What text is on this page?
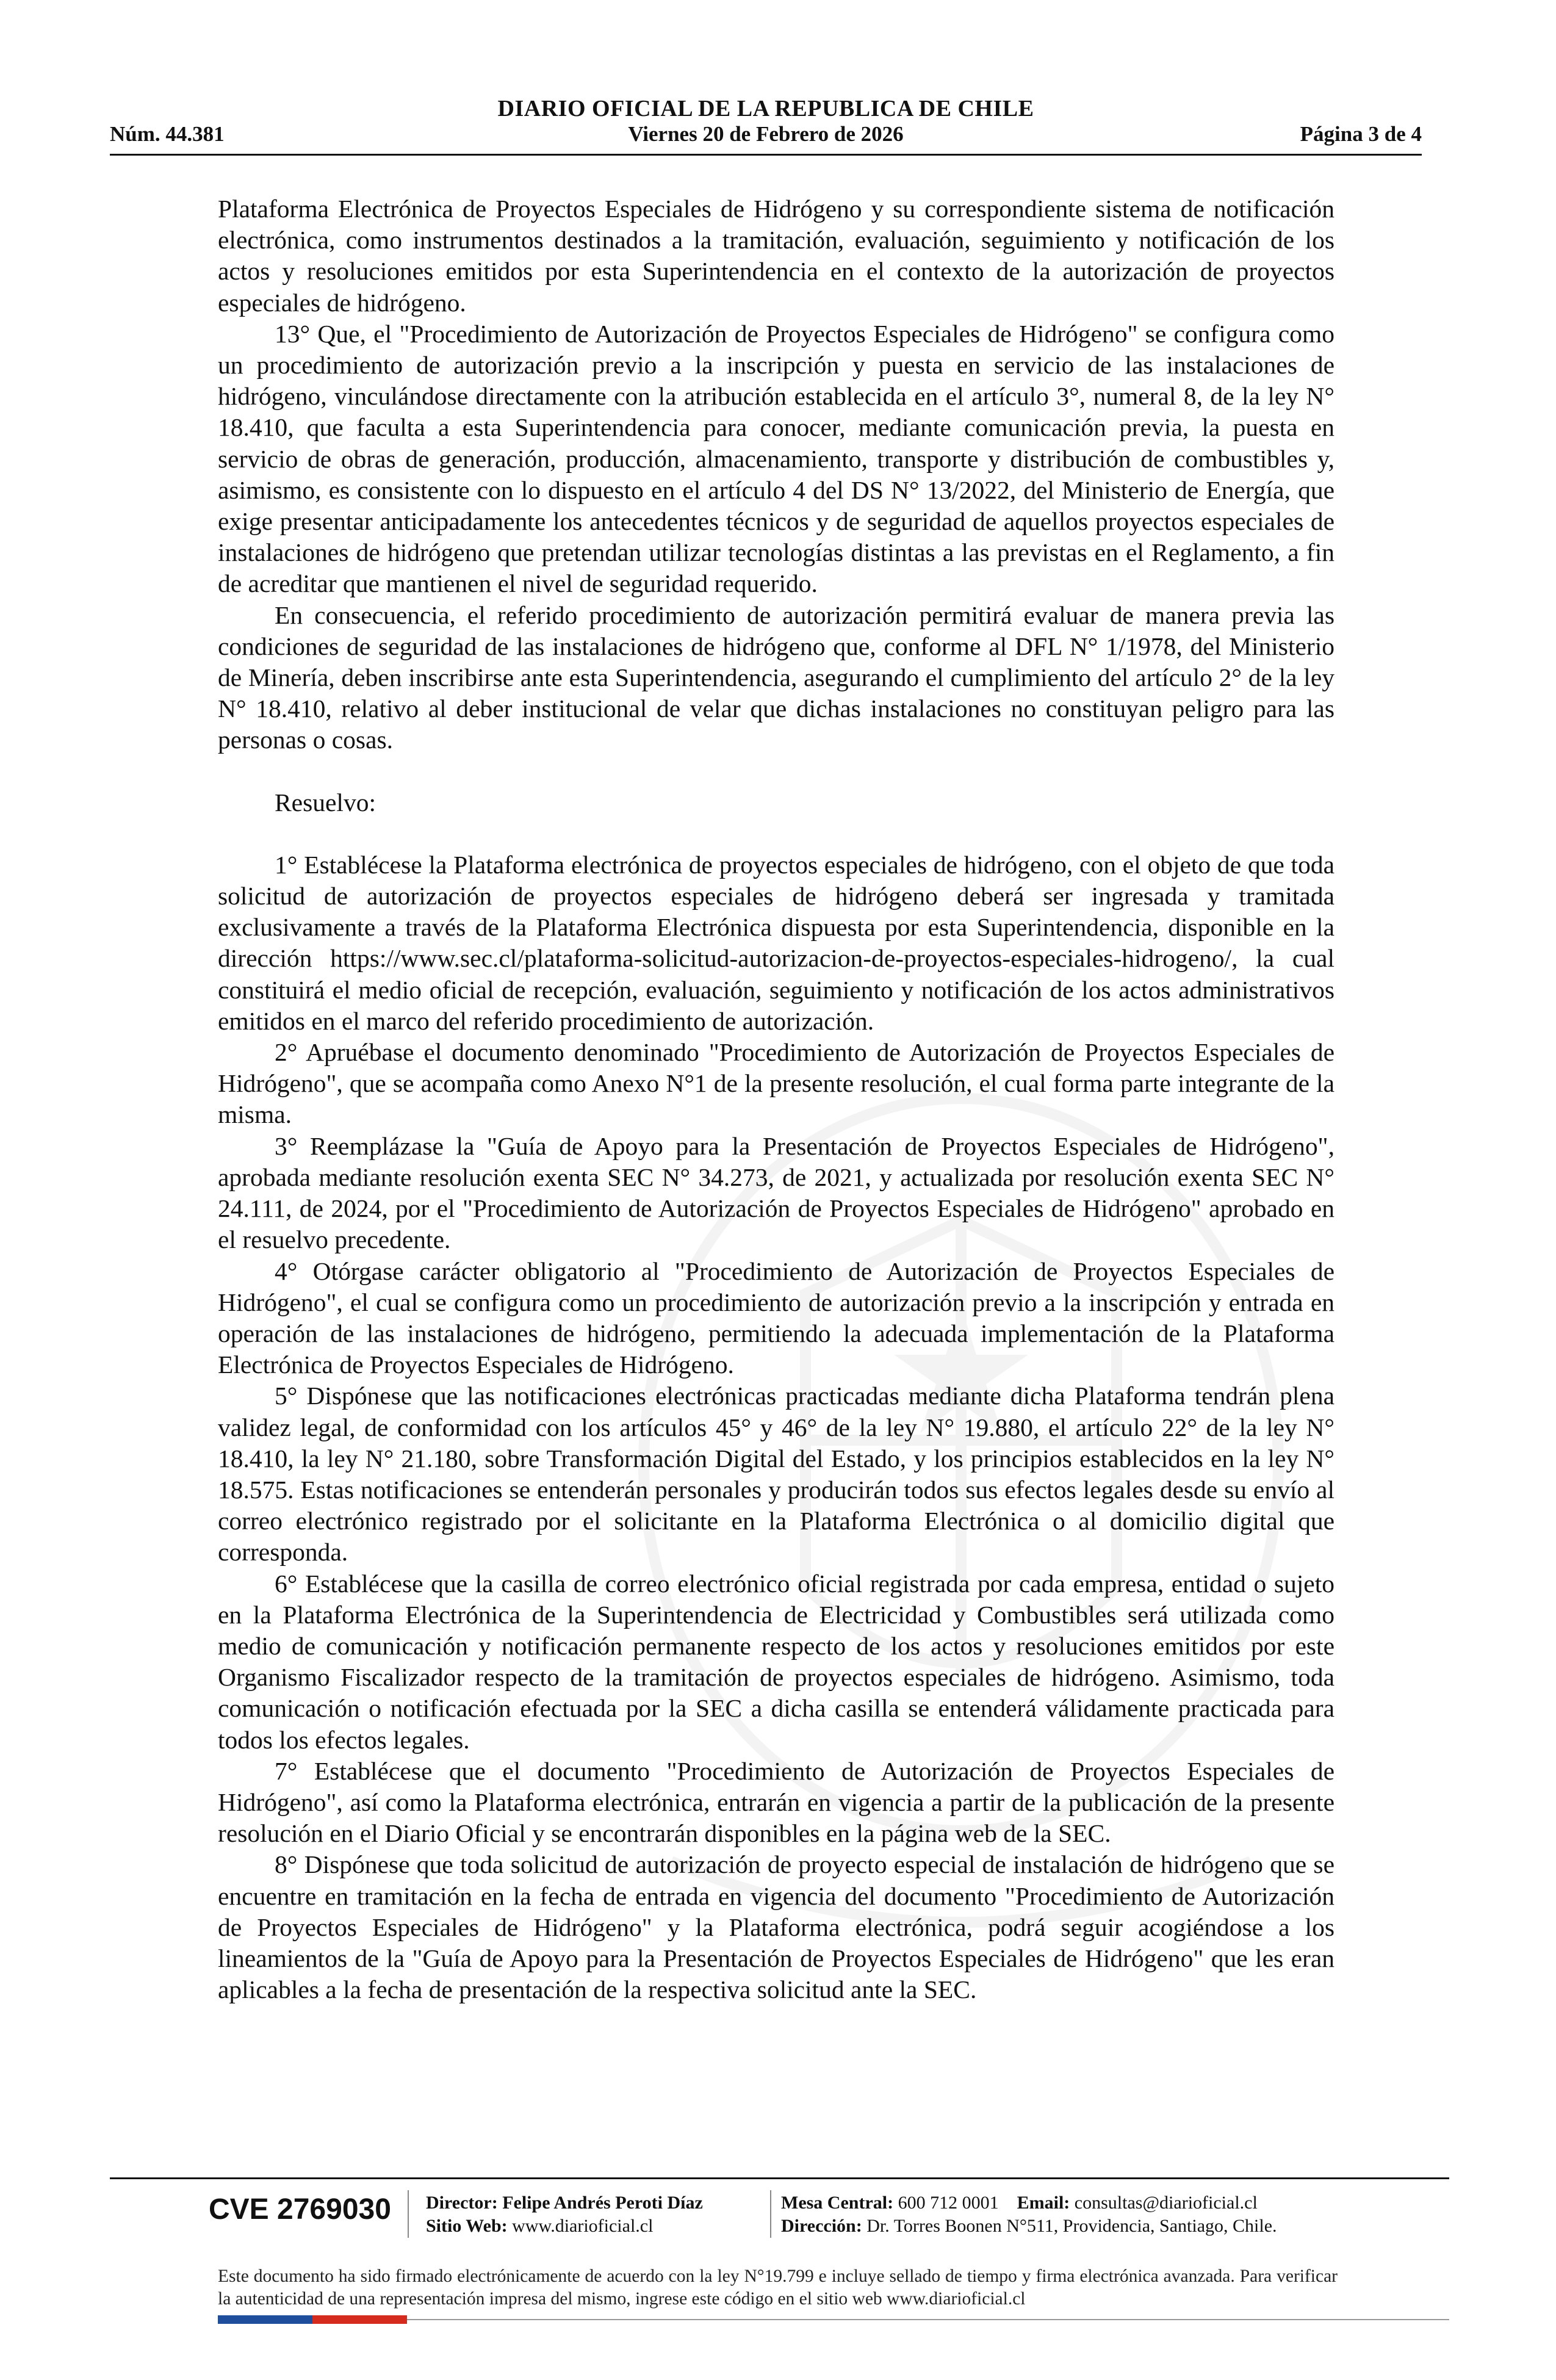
DIARIO OFICIAL DE LA REPUBLICA DE CHILE
Núm. 44.381	Viernes 20 de Febrero de 2026	Página 3 de 4

Plataforma Electrónica de Proyectos Especiales de Hidrógeno y su correspondiente sistema de notificación electrónica, como instrumentos destinados a la tramitación, evaluación, seguimiento y notificación de los actos y resoluciones emitidos por esta Superintendencia en el contexto de la autorización de proyectos especiales de hidrógeno.

13° Que, el "Procedimiento de Autorización de Proyectos Especiales de Hidrógeno" se configura como un procedimiento de autorización previo a la inscripción y puesta en servicio de las instalaciones de hidrógeno, vinculándose directamente con la atribución establecida en el artículo 3°, numeral 8, de la ley N° 18.410, que faculta a esta Superintendencia para conocer, mediante comunicación previa, la puesta en servicio de obras de generación, producción, almacenamiento, transporte y distribución de combustibles y, asimismo, es consistente con lo dispuesto en el artículo 4 del DS N° 13/2022, del Ministerio de Energía, que exige presentar anticipadamente los antecedentes técnicos y de seguridad de aquellos proyectos especiales de instalaciones de hidrógeno que pretendan utilizar tecnologías distintas a las previstas en el Reglamento, a fin de acreditar que mantienen el nivel de seguridad requerido.

En consecuencia, el referido procedimiento de autorización permitirá evaluar de manera previa las condiciones de seguridad de las instalaciones de hidrógeno que, conforme al DFL N° 1/1978, del Ministerio de Minería, deben inscribirse ante esta Superintendencia, asegurando el cumplimiento del artículo 2° de la ley N° 18.410, relativo al deber institucional de velar que dichas instalaciones no constituyan peligro para las personas o cosas.

Resuelvo:

1° Establécese la Plataforma electrónica de proyectos especiales de hidrógeno, con el objeto de que toda solicitud de autorización de proyectos especiales de hidrógeno deberá ser ingresada y tramitada exclusivamente a través de la Plataforma Electrónica dispuesta por esta Superintendencia, disponible en la dirección https://www.sec.cl/plataforma-solicitud-autorizacion-de-proyectos-especiales-hidrogeno/, la cual constituirá el medio oficial de recepción, evaluación, seguimiento y notificación de los actos administrativos emitidos en el marco del referido procedimiento de autorización.

2° Apruébase el documento denominado "Procedimiento de Autorización de Proyectos Especiales de Hidrógeno", que se acompaña como Anexo N°1 de la presente resolución, el cual forma parte integrante de la misma.

3° Reemplázase la "Guía de Apoyo para la Presentación de Proyectos Especiales de Hidrógeno", aprobada mediante resolución exenta SEC N° 34.273, de 2021, y actualizada por resolución exenta SEC N° 24.111, de 2024, por el "Procedimiento de Autorización de Proyectos Especiales de Hidrógeno" aprobado en el resuelvo precedente.

4° Otórgase carácter obligatorio al "Procedimiento de Autorización de Proyectos Especiales de Hidrógeno", el cual se configura como un procedimiento de autorización previo a la inscripción y entrada en operación de las instalaciones de hidrógeno, permitiendo la adecuada implementación de la Plataforma Electrónica de Proyectos Especiales de Hidrógeno.

5° Dispónese que las notificaciones electrónicas practicadas mediante dicha Plataforma tendrán plena validez legal, de conformidad con los artículos 45° y 46° de la ley N° 19.880, el artículo 22° de la ley N° 18.410, la ley N° 21.180, sobre Transformación Digital del Estado, y los principios establecidos en la ley N° 18.575. Estas notificaciones se entenderán personales y producirán todos sus efectos legales desde su envío al correo electrónico registrado por el solicitante en la Plataforma Electrónica o al domicilio digital que corresponda.

6° Establécese que la casilla de correo electrónico oficial registrada por cada empresa, entidad o sujeto en la Plataforma Electrónica de la Superintendencia de Electricidad y Combustibles será utilizada como medio de comunicación y notificación permanente respecto de los actos y resoluciones emitidos por este Organismo Fiscalizador respecto de la tramitación de proyectos especiales de hidrógeno. Asimismo, toda comunicación o notificación efectuada por la SEC a dicha casilla se entenderá válidamente practicada para todos los efectos legales.

7° Establécese que el documento "Procedimiento de Autorización de Proyectos Especiales de Hidrógeno", así como la Plataforma electrónica, entrarán en vigencia a partir de la publicación de la presente resolución en el Diario Oficial y se encontrarán disponibles en la página web de la SEC.

8° Dispónese que toda solicitud de autorización de proyecto especial de instalación de hidrógeno que se encuentre en tramitación en la fecha de entrada en vigencia del documento "Procedimiento de Autorización de Proyectos Especiales de Hidrógeno" y la Plataforma electrónica, podrá seguir acogiéndose a los lineamientos de la "Guía de Apoyo para la Presentación de Proyectos Especiales de Hidrógeno" que les eran aplicables a la fecha de presentación de la respectiva solicitud ante la SEC.

CVE 2769030 Director: Felipe Andrés Peroti Díaz
Sitio Web: www.diarioficial.cl
Mesa Central: 600 712 0001 Email: consultas@diarioficial.cl
Dirección: Dr. Torres Boonen N°511, Providencia, Santiago, Chile.
Este documento ha sido firmado electrónicamente de acuerdo con la ley N°19.799 e incluye sellado de tiempo y firma electrónica avanzada. Para verificar la autenticidad de una representación impresa del mismo, ingrese este código en el sitio web www.diarioficial.cl
